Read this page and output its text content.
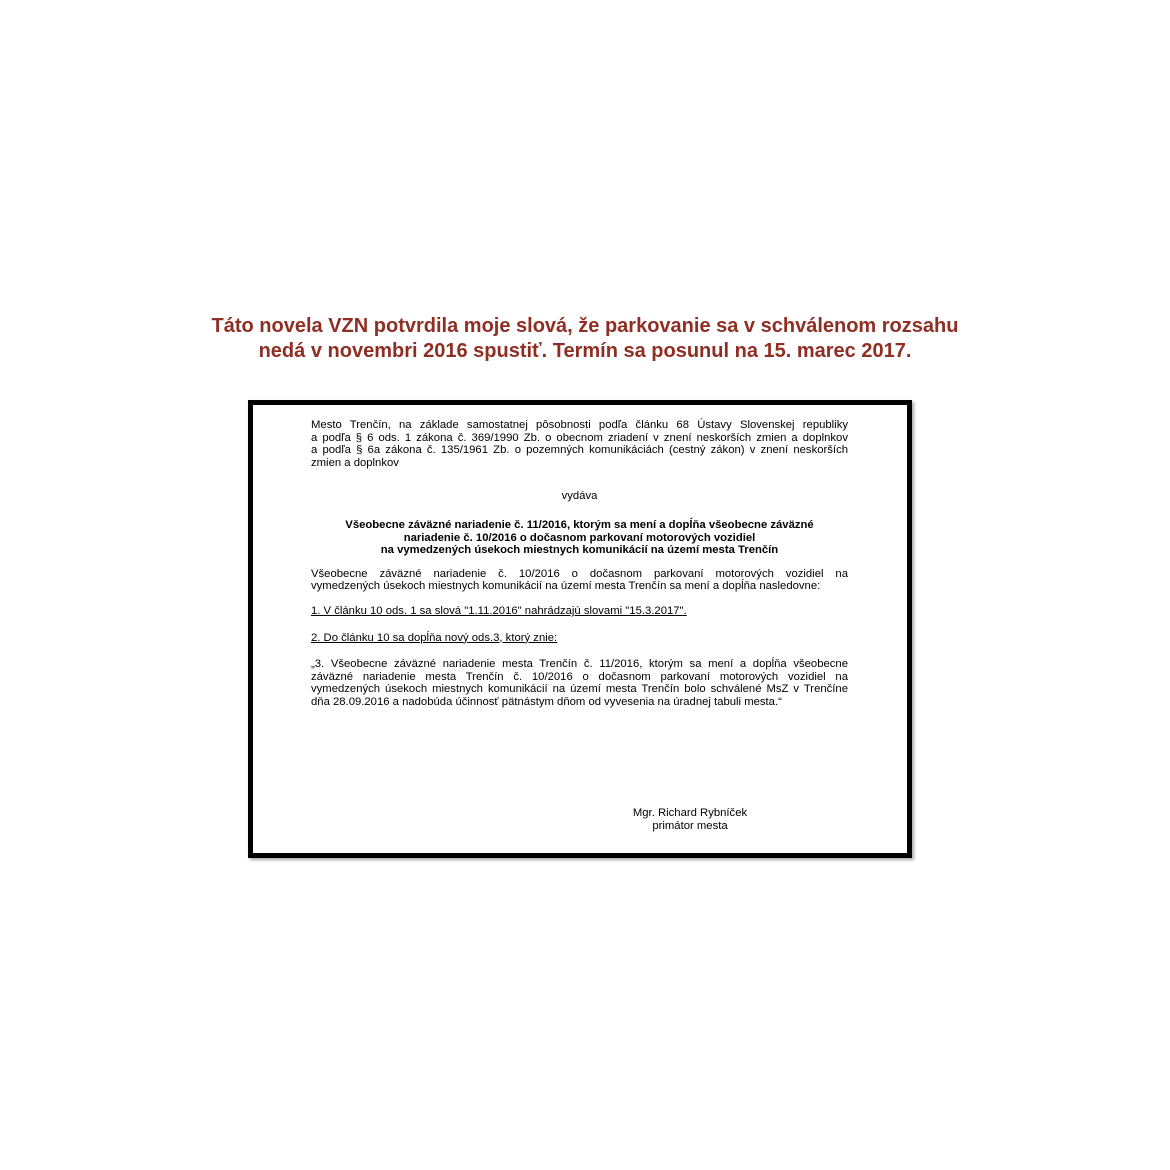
Táto novela VZN potvrdila moje slová, že parkovanie sa v schválenom rozsahu
nedá v novembri 2016 spustiť. Termín sa posunul na 15. marec 2017.
Mesto Trenčín, na základe samostatnej pôsobnosti podľa článku 68 Ústavy Slovenskej republiky
a podľa § 6 ods. 1 zákona č. 369/1990 Zb. o obecnom zriadení v znení neskorších zmien a doplnkov
a podľa § 6a zákona č. 135/1961 Zb. o pozemných komunikáciách (cestný zákon) v znení neskorších
zmien a doplnkov
vydáva
Všeobecne záväzné nariadenie č. 11/2016, ktorým sa mení a dopĺňa všeobecne záväzné
nariadenie č. 10/2016 o dočasnom parkovaní motorových vozidiel
na vymedzených úsekoch miestnych komunikácií na území mesta Trenčín
Všeobecne záväzné nariadenie č. 10/2016 o dočasnom parkovaní motorových vozidiel na
vymedzených úsekoch miestnych komunikácií na území mesta Trenčín sa mení a dopĺňa nasledovne:
1. V článku 10 ods. 1 sa slová "1.11.2016" nahrádzajú slovami "15.3.2017".
2. Do článku 10 sa dopĺňa nový ods.3, ktorý znie:
„3. Všeobecne záväzné nariadenie mesta Trenčín č. 11/2016, ktorým sa mení a dopĺňa všeobecne
záväzné nariadenie mesta Trenčín č. 10/2016 o dočasnom parkovaní motorových vozidiel na
vymedzených úsekoch miestnych komunikácií na území mesta Trenčín bolo schválené MsZ v Trenčíne
dňa 28.09.2016 a nadobúda účinnosť pätnástym dňom od vyvesenia na úradnej tabuli mesta.“
Mgr. Richard Rybníček
primátor mesta
